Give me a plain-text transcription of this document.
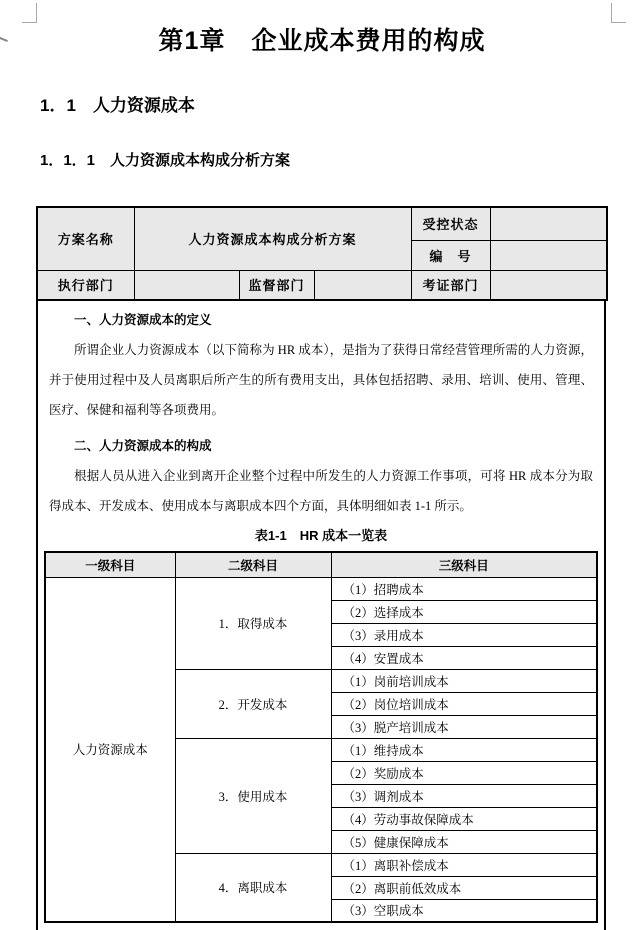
第1章　企业成本费用的构成
1．1　人力资源成本
1．1．1　人力资源成本构成分析方案
方案名称	人力资源成本构成分析方案			受控状态	
				编　号	
执行部门		监督部门		考证部门	

一、人力资源成本的定义

所谓企业人力资源成本（以下简称为 HR 成本），是指为了获得日常经营管理所需的人力资源，并于使用过程中及人员离职后所产生的所有费用支出，具体包括招聘、录用、培训、使用、管理、医疗、保健和福利等各项费用。

二、人力资源成本的构成

根据人员从进入企业到离开企业整个过程中所发生的人力资源工作事项，可将 HR 成本分为取得成本、开发成本、使用成本与离职成本四个方面，具体明细如表 1-1 所示。

表1-1　HR 成本一览表
一级科目	二级科目	三级科目
人力资源成本	1．取得成本	（1）招聘成本
		（2）选择成本
		（3）录用成本
		（4）安置成本
	2．开发成本	（1）岗前培训成本
		（2）岗位培训成本
		（3）脱产培训成本
	3．使用成本	（1）维持成本
		（2）奖励成本
		（3）调剂成本
		（4）劳动事故保障成本
		（5）健康保障成本
	4．离职成本	（1）离职补偿成本
		（2）离职前低效成本
		（3）空职成本
